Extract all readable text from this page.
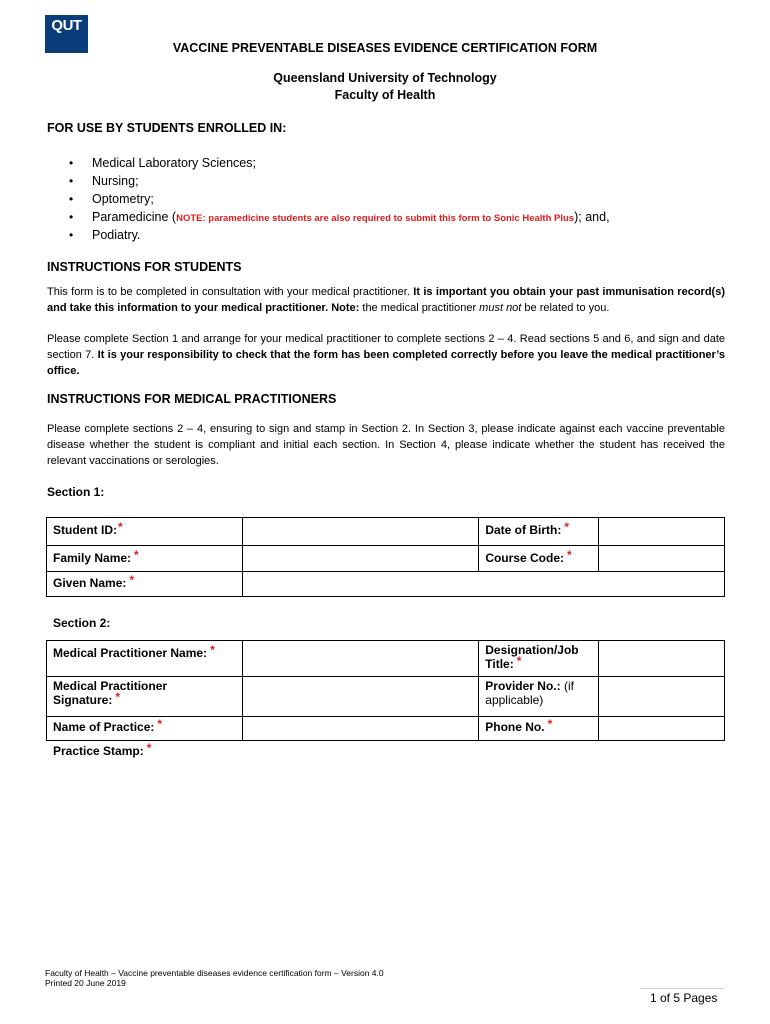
QUT
VACCINE PREVENTABLE DISEASES EVIDENCE CERTIFICATION FORM
Queensland University of Technology
Faculty of Health
FOR USE BY STUDENTS ENROLLED IN:
• Medical Laboratory Sciences;
• Nursing;
• Optometry;
• Paramedicine (NOTE: paramedicine students are also required to submit this form to Sonic Health Plus); and,
• Podiatry.
INSTRUCTIONS FOR STUDENTS
This form is to be completed in consultation with your medical practitioner. It is important you obtain your past immunisation record(s) and take this information to your medical practitioner. Note: the medical practitioner must not be related to you.
Please complete Section 1 and arrange for your medical practitioner to complete sections 2 – 4. Read sections 5 and 6, and sign and date section 7. It is your responsibility to check that the form has been completed correctly before you leave the medical practitioner’s office.
INSTRUCTIONS FOR MEDICAL PRACTITIONERS
Please complete sections 2 – 4, ensuring to sign and stamp in Section 2. In Section 3, please indicate against each vaccine preventable disease whether the student is compliant and initial each section. In Section 4, please indicate whether the student has received the relevant vaccinations or serologies.
Section 1:
Student ID:*		Date of Birth: *	
Family Name: *		Course Code: *	
Given Name: *			
Section 2:
Medical Practitioner Name: *		Designation/Job Title: *	
Medical Practitioner Signature: *		Provider No.: (if applicable)	
Name of Practice: *		Phone No. *	
Practice Stamp: *
Faculty of Health – Vaccine preventable diseases evidence certification form – Version 4.0
Printed 20 June 2019
1 of 5 Pages
